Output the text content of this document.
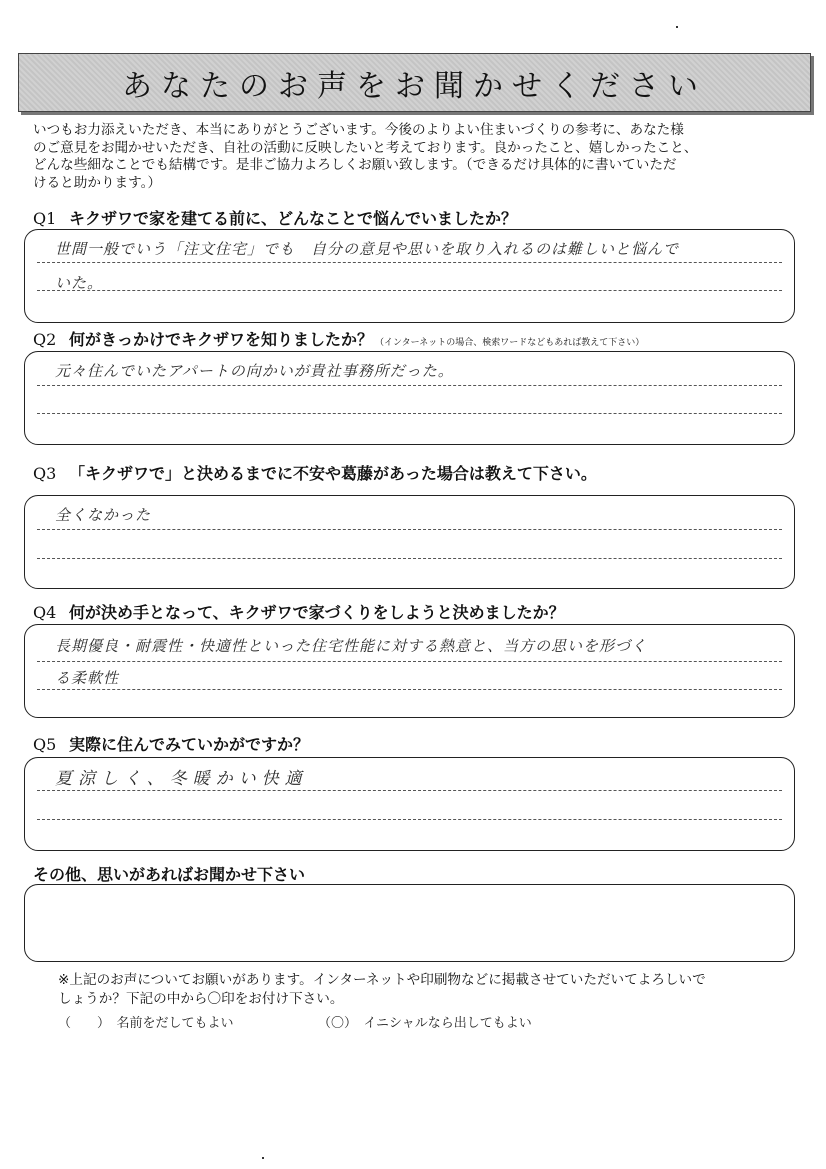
あなたのお声をお聞かせください
いつもお力添えいただき、本当にありがとうございます。今後のよりよい住まいづくりの参考に、あなた様
のご意見をお聞かせいただき、自社の活動に反映したいと考えております。良かったこと、嬉しかったこと、
どんな些細なことでも結構です。是非ご協力よろしくお願い致します。（できるだけ具体的に書いていただ
けると助かります。）
Q1 キクザワで家を建てる前に、どんなことで悩んでいましたか？
世間一般でいう「注文住宅」でも　自分の意見や思いを取り入れるのは難しいと悩んで
いた。
Q2 何がきっかけでキクザワを知りましたか？ （インターネットの場合、検索ワードなどもあれば教えて下さい）
元々住んでいたアパートの向かいが貴社事務所だった。
Q3 「キクザワで」と決めるまでに不安や葛藤があった場合は教えて下さい。
全くなかった
Q4 何が決め手となって、キクザワで家づくりをしようと決めましたか？
長期優良・耐震性・快適性といった住宅性能に対する熱意と、当方の思いを形づく
る柔軟性
Q5 実際に住んでみていかがですか？
夏涼しく、冬暖かい快適
その他、思いがあればお聞かせ下さい
※上記のお声についてお願いがあります。インターネットや印刷物などに掲載させていただいてよろしいで
しょうか？下記の中から〇印をお付け下さい。
（　　）　名前をだしてもよい	（〇）　イニシャルなら出してもよい
